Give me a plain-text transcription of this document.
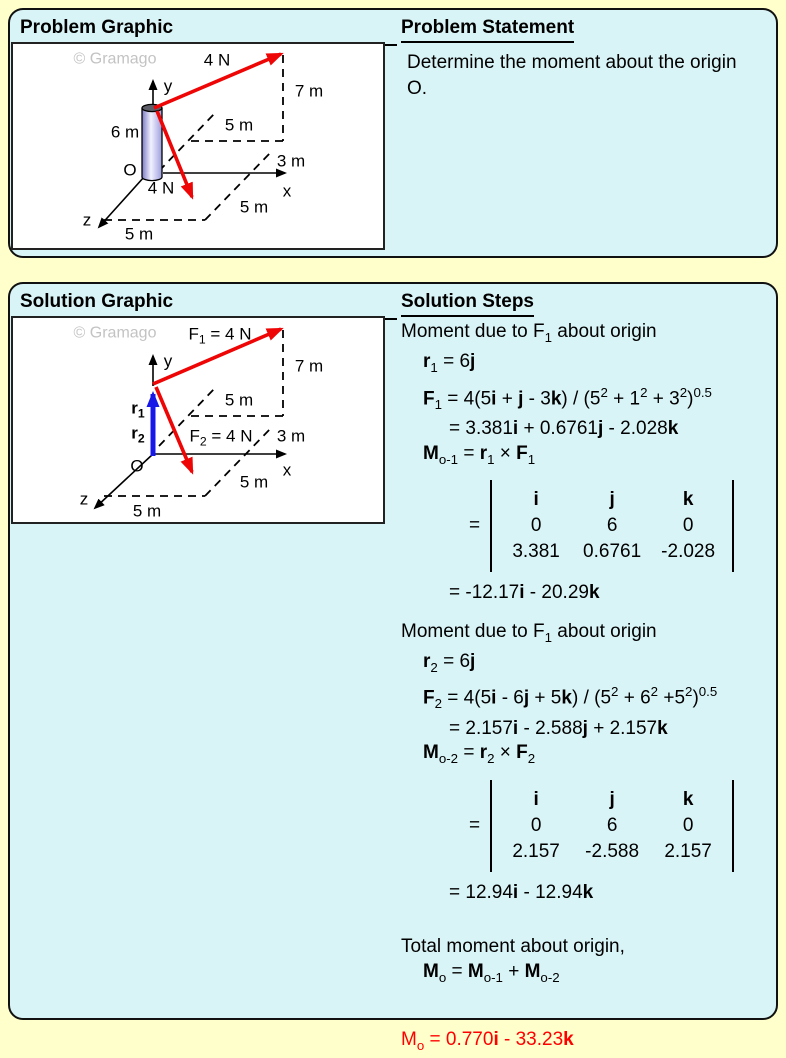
Problem Graphic
© Gramago	4 N
y
6 m
O
x
z
4 N
7 m
5 m
3 m
5 m
5 m
Problem Statement
Determine the moment about the origin O.
Solution Graphic
© Gramago $F_1 = 4$ N
y
$r_1$
$r_2$	$F_2 = 4$ N
O	x
z
7 m
5 m
3 m
5 m
5 m
Solution Steps
Moment due to $F_1$ about origin
$r_1 = 6j$
$F_1 = 4(5i + j - 3k) / (5^2 + 1^2 + 3^2)^{0.5}$
= 3.381i + 0.6761j - 2.028k
$M_{o-1} = r_1 \times F_1$
=
i	j	k
0	6	0
3.381	0.6761	-2.028
= -12.17i - 20.29k
Moment due to $F_1$ about origin
$r_2 = 6j$
$F_2 = 4(5i - 6j + 5k) / (5^2 + 6^2 +5^2)^{0.5}$
= 2.157i - 2.588j + 2.157k
$M_{o-2} = r_2 \times F_2$
=
i	j	k
0	6	0
2.157	-2.588	2.157
= 12.94i - 12.94k
Total moment about origin,
$M_o = M_{o-1} + M_{o-2}$
$M_o = 0.770i - 33.23k$
